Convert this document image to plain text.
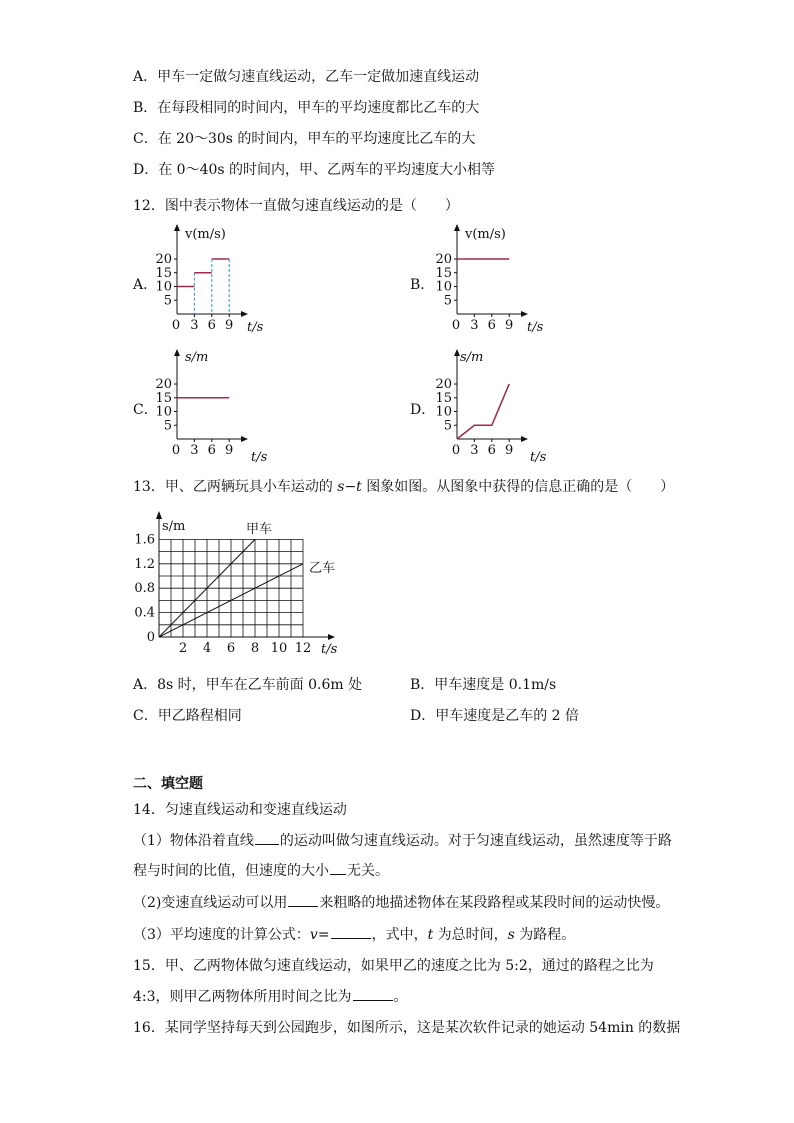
A．甲车一定做匀速直线运动，乙车一定做加速直线运动
B．在每段相同的时间内，甲车的平均速度都比乙车的大
C．在 20～30s 的时间内，甲车的平均速度比乙车的大
D．在 0～40s 的时间内，甲、乙两车的平均速度大小相等
12．图中表示物体一直做匀速直线运动的是（　　）
A．	B．
C．	D．
v(m/s)
t/s
20
15
10
5
0 3 6 9
v(m/s)
t/s
20
15
10
5
0 3 6 9
s/m
t/s
20
15
10
5
0 3 6 9
s/m
t/s
20
15
10
5
0 3 6 9
13．甲、乙两辆玩具小车运动的 s−t 图象如图。从图象中获得的信息正确的是（　　）
s/m
t/s
甲车
乙车
1.6
1.2
0.8
0.4
0
2 4 6 8 10 12
A．8s 时，甲车在乙车前面 0.6m 处	B．甲车速度是 0.1m/s
C．甲乙路程相同	D．甲车速度是乙车的 2 倍
二、填空题
14．匀速直线运动和变速直线运动
（1）物体沿着直线 的运动叫做匀速直线运动。对于匀速直线运动，虽然速度等于路
程与时间的比值，但速度的大小 无关。
（2)变速直线运动可以用 来粗略的地描述物体在某段路程或某段时间的运动快慢。
（3）平均速度的计算公式：v=	，式中，t 为总时间，s 为路程。
15．甲、乙两物体做匀速直线运动，如果甲乙的速度之比为 5:2，通过的路程之比为
4:3，则甲乙两物体所用时间之比为	。
16．某同学坚持每天到公园跑步，如图所示，这是某次软件记录的她运动 54min 的数据
